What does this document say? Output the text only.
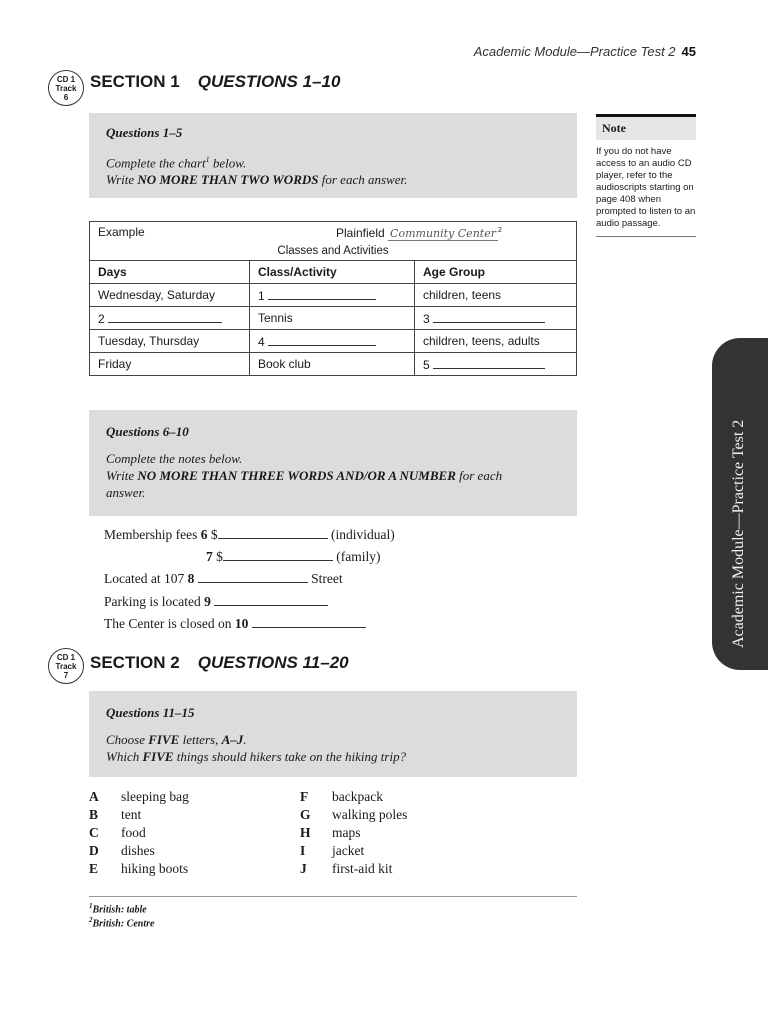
Academic Module—Practice Test 2 45
CD 1
Track
6
SECTION 1 QUESTIONS 1–10
Questions 1–5
Complete the chart$^1$ below.
Write NO MORE THAN TWO WORDS for each answer.
Note
If you do not have access to an audio CD player, refer to the audioscripts starting on page 408 when prompted to listen to an audio passage.
Example Plainfield Community Center $^2$

Classes and Activities		
Days	Class/Activity	Age Group
Wednesday, Saturday	1	children, teens
2	Tennis	3
Tuesday, Thursday	4	children, teens, adults
Friday	Book club	5
Questions 6–10
Complete the notes below.
Write NO MORE THAN THREE WORDS AND/OR A NUMBER for each
answer.
Membership fees 6 $	(individual)
7 $	(family)
Located at 107 8	Street
Parking is located 9
The Center is closed on 10
CD 1
Track
7
SECTION 2 QUESTIONS 11–20
Questions 11–15
Choose FIVE letters, A–J.
Which FIVE things should hikers take on the hiking trip?
A sleeping bag
B tent
C food
D dishes
E hiking boots
F backpack
G walking poles
H maps
I jacket
J first-aid kit
$^1$British: table
$^2$British: Centre
Academic Module—Practice Test 2
